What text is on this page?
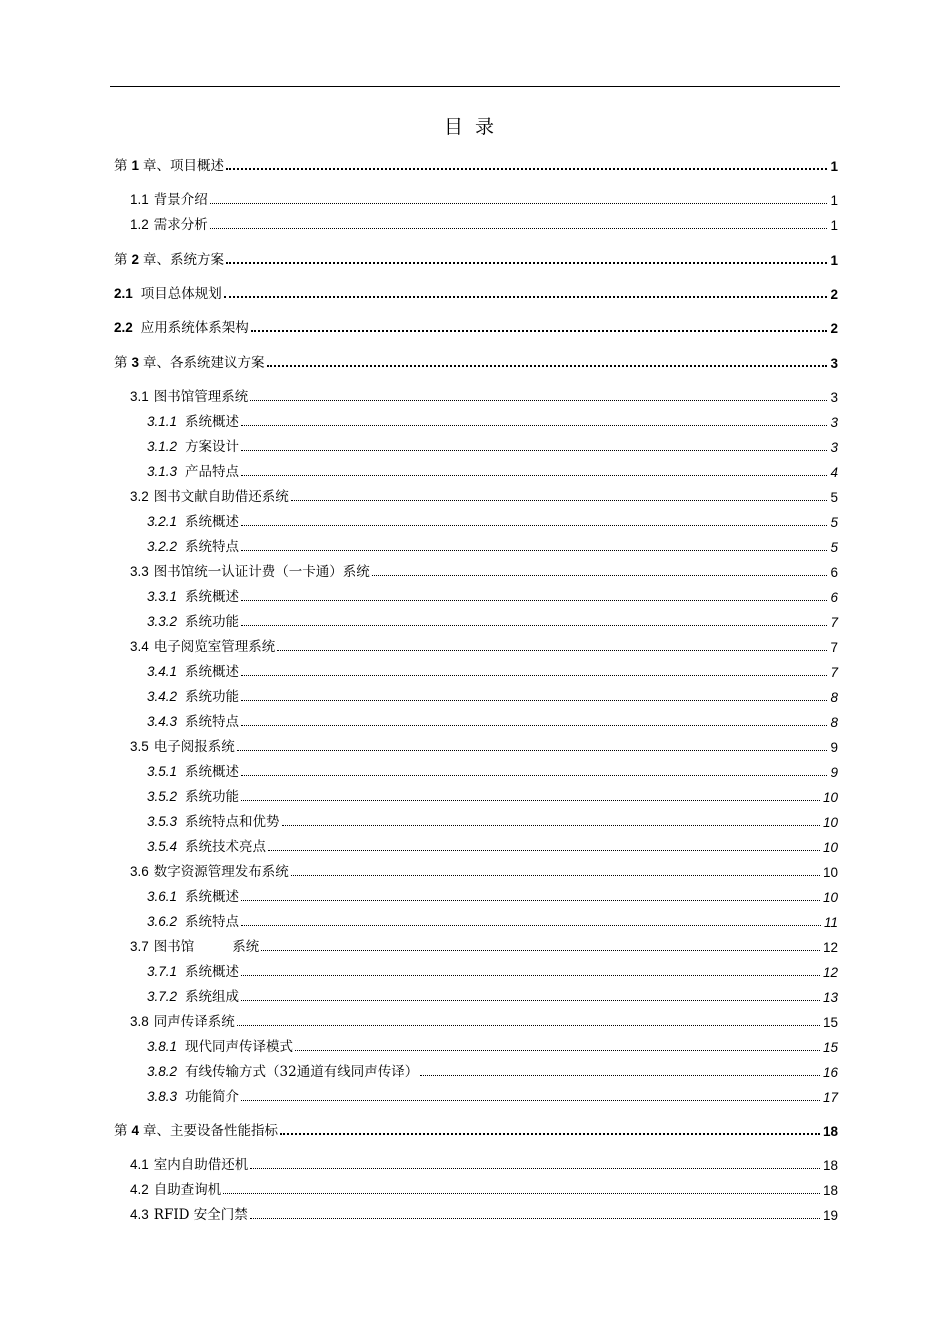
目录
第 1 章、项目概述	1
1.1 背景介绍	1
1.2 需求分析	1
第 2 章、系统方案	1
2.1 项目总体规划	2
2.2 应用系统体系架构	2
第 3 章、各系统建议方案	3
3.1 图书馆管理系统	3
3.1.1 系统概述	3
3.1.2 方案设计	3
3.1.3 产品特点	4
3.2 图书文献自助借还系统	5
3.2.1 系统概述	5
3.2.2 系统特点	5
3.3 图书馆统一认证计费（一卡通）系统	6
3.3.1 系统概述	6
3.3.2 系统功能	7
3.4 电子阅览室管理系统	7
3.4.1 系统概述	7
3.4.2 系统功能	8
3.4.3 系统特点	8
3.5 电子阅报系统	9
3.5.1 系统概述	9
3.5.2 系统功能	10
3.5.3 系统特点和优势	10
3.5.4 系统技术亮点	10
3.6 数字资源管理发布系统	10
3.6.1 系统概述	10
3.6.2 系统特点	11
3.7 图书馆	系统	12
3.7.1 系统概述	12
3.7.2 系统组成	13
3.8 同声传译系统	15
3.8.1 现代同声传译模式	15
3.8.2 有线传输方式（32通道有线同声传译）	16
3.8.3 功能简介	17
第 4 章、主要设备性能指标	18
4.1 室内自助借还机	18
4.2 自助查询机	18
4.3 RFID 安全门禁	19
